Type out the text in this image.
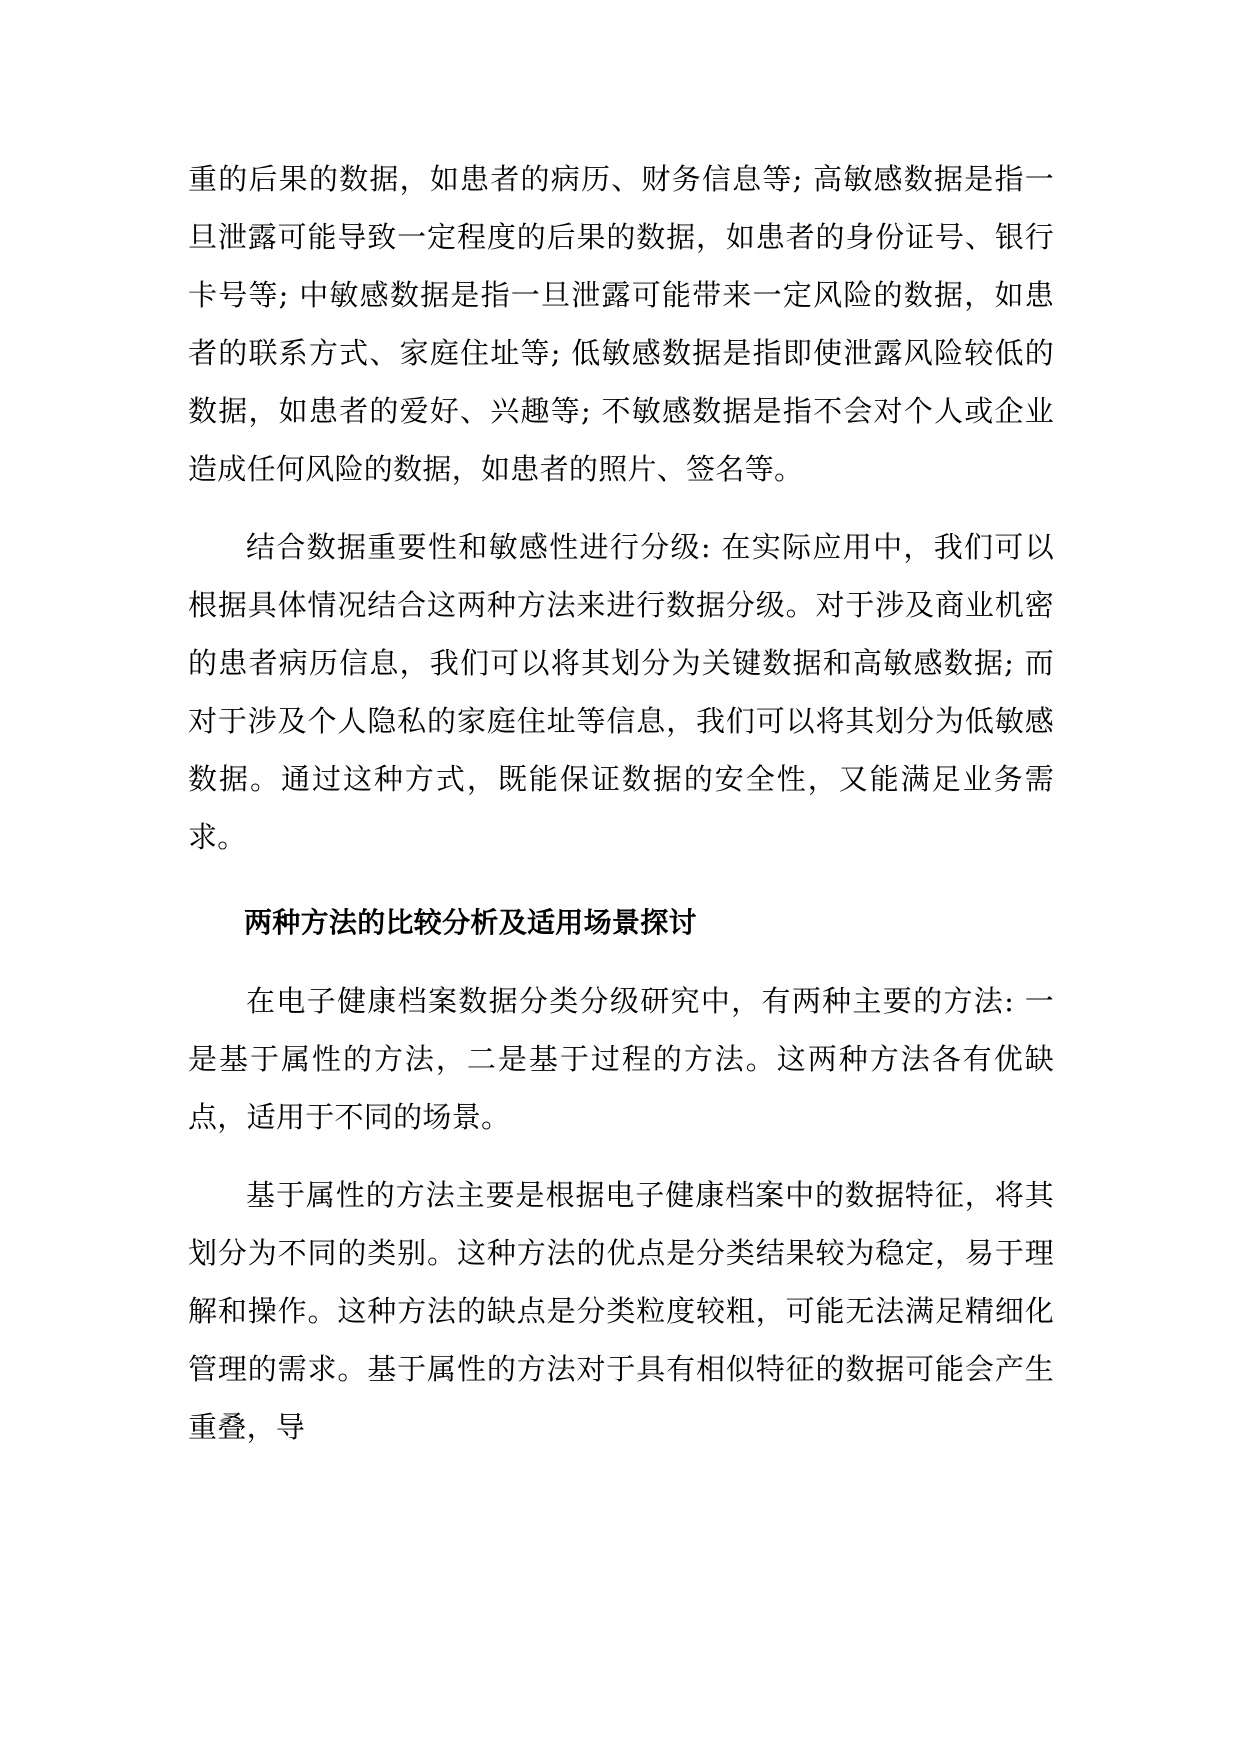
重的后果的数据，如患者的病历、财务信息等; 高敏感数据是指一旦泄露可能导致一定程度的后果的数据，如患者的身份证号、银行卡号等; 中敏感数据是指一旦泄露可能带来一定风险的数据，如患者的联系方式、家庭住址等; 低敏感数据是指即使泄露风险较低的数据，如患者的爱好、兴趣等; 不敏感数据是指不会对个人或企业造成任何风险的数据，如患者的照片、签名等。

结合数据重要性和敏感性进行分级: 在实际应用中，我们可以根据具体情况结合这两种方法来进行数据分级。对于涉及商业机密的患者病历信息，我们可以将其划分为关键数据和高敏感数据; 而对于涉及个人隐私的家庭住址等信息，我们可以将其划分为低敏感数据。通过这种方式，既能保证数据的安全性，又能满足业务需求。

两种方法的比较分析及适用场景探讨

在电子健康档案数据分类分级研究中，有两种主要的方法: 一是基于属性的方法，二是基于过程的方法。这两种方法各有优缺点，适用于不同的场景。

基于属性的方法主要是根据电子健康档案中的数据特征，将其划分为不同的类别。这种方法的优点是分类结果较为稳定，易于理解和操作。这种方法的缺点是分类粒度较粗，可能无法满足精细化管理的需求。基于属性的方法对于具有相似特征的数据可能会产生重叠，导
